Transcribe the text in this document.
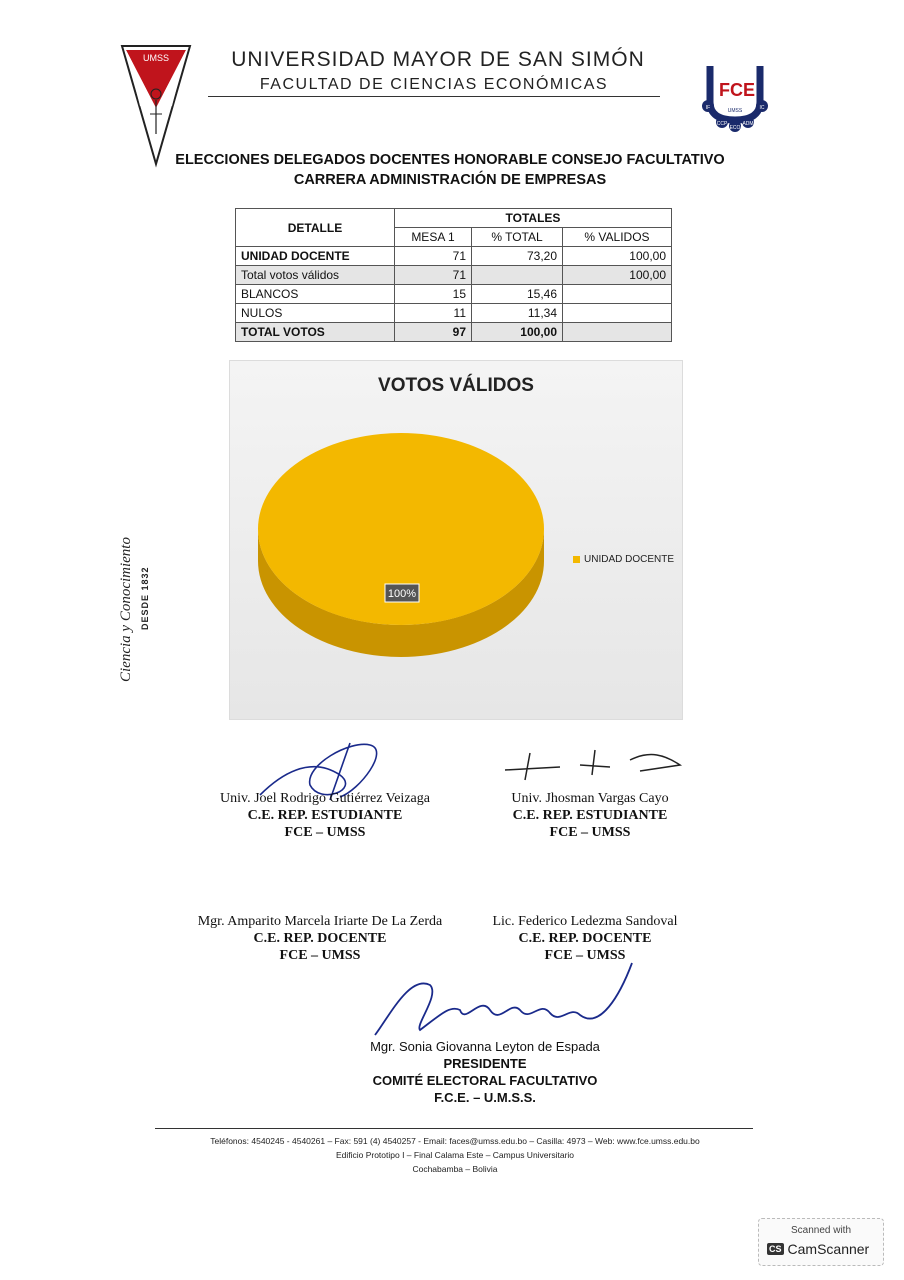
UMSS	UNIVERSIDAD MAYOR DE SAN SIMÓN
FACULTAD DE CIENCIAS ECONÓMICAS	FCE
IF	IC
CCP
ECO
ADM
UMSS
ELECCIONES DELEGADOS DOCENTES HONORABLE CONSEJO FACULTATIVO
CARRERA ADMINISTRACIÓN DE EMPRESAS
DETALLE	TOTALES		
	MESA 1	% TOTAL	% VALIDOS
UNIDAD DOCENTE	71	73,20	100,00
Total votos válidos	71		100,00
BLANCOS	15	15,46	
NULOS	11	11,34	
TOTAL VOTOS	97	100,00	
100%
VOTOS VÁLIDOS
UNIDAD DOCENTE
Ciencia y Conocimiento DESDE 1832
Univ. Joel Rodrigo Gutiérrez Veizaga
C.E. REP. ESTUDIANTE
FCE – UMSS
Univ. Jhosman Vargas Cayo
C.E. REP. ESTUDIANTE
FCE – UMSS
Mgr. Amparito Marcela Iriarte De La Zerda
C.E. REP. DOCENTE
FCE – UMSS
Lic. Federico Ledezma Sandoval
C.E. REP. DOCENTE
FCE – UMSS
Mgr. Sonia Giovanna Leyton de Espada
PRESIDENTE
COMITÉ ELECTORAL FACULTATIVO
F.C.E. – U.M.S.S.
Teléfonos: 4540245 - 4540261 – Fax: 591 (4) 4540257 - Email: faces@umss.edu.bo – Casilla: 4973 – Web: www.fce.umss.edu.bo
Edificio Prototipo I – Final Calama Este – Campus Universitario
Cochabamba – Bolivia
Scanned with
CS CamScanner
